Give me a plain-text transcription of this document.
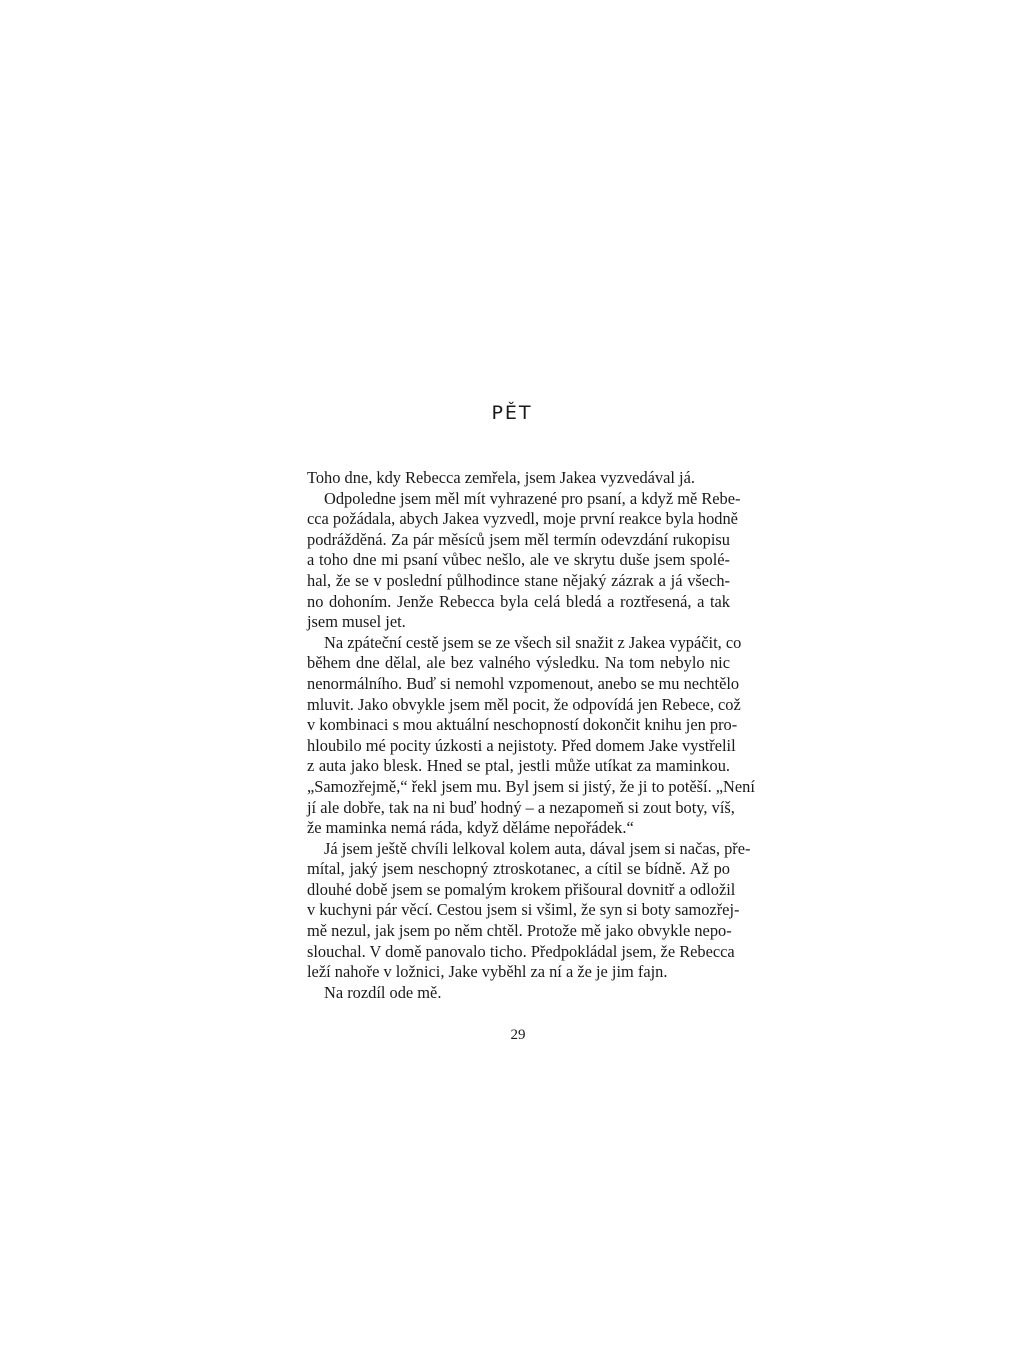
PĚT
Toho dne, kdy Rebecca zemřela, jsem Jakea vyzvedával já.
Odpoledne jsem měl mít vyhrazené pro psaní, a když mě Rebe-
cca požádala, abych Jakea vyzvedl, moje první reakce byla hodně
podrážděná. Za pár měsíců jsem měl termín odevzdání rukopisu
a toho dne mi psaní vůbec nešlo, ale ve skrytu duše jsem spolé-
hal, že se v poslední půlhodince stane nějaký zázrak a já všech-
no dohoním. Jenže Rebecca byla celá bledá a roztřesená, a tak
jsem musel jet.
Na zpáteční cestě jsem se ze všech sil snažit z Jakea vypáčit, co
během dne dělal, ale bez valného výsledku. Na tom nebylo nic
nenormálního. Buď si nemohl vzpomenout, anebo se mu nechtělo
mluvit. Jako obvykle jsem měl pocit, že odpovídá jen Rebece, což
v kombinaci s mou aktuální neschopností dokončit knihu jen pro-
hloubilo mé pocity úzkosti a nejistoty. Před domem Jake vystřelil
z auta jako blesk. Hned se ptal, jestli může utíkat za maminkou.
„Samozřejmě,“ řekl jsem mu. Byl jsem si jistý, že ji to potěší. „Není
jí ale dobře, tak na ni buď hodný – a nezapomeň si zout boty, víš,
že maminka nemá ráda, když děláme nepořádek.“
Já jsem ještě chvíli lelkoval kolem auta, dával jsem si načas, pře-
mítal, jaký jsem neschopný ztroskotanec, a cítil se bídně. Až po
dlouhé době jsem se pomalým krokem přišoural dovnitř a odložil
v kuchyni pár věcí. Cestou jsem si všiml, že syn si boty samozřej-
mě nezul, jak jsem po něm chtěl. Protože mě jako obvykle nepo-
slouchal. V domě panovalo ticho. Předpokládal jsem, že Rebecca
leží nahoře v ložnici, Jake vyběhl za ní a že je jim fajn.
Na rozdíl ode mě.
29
